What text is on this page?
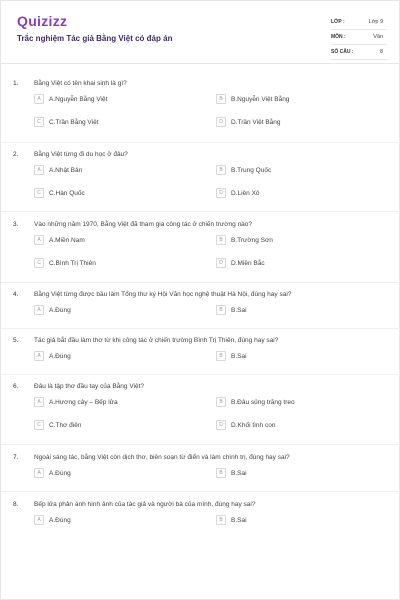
Quizizz
Trắc nghiệm Tác giả Bằng Việt có đáp án
LỚP :	Lớp 9
MÔN :	Văn
SỐ CÂU :	8
1. Bằng Việt có tên khai sinh là gì?
A	A.Nguyễn Bằng Việt	B	B.Nguyễn Việt Bằng
C	C.Trần Bằng Việt	D	D.Trần Việt Bằng
2. Bằng Việt từng đi du học ở đâu?
A	A.Nhật Bản	B	B.Trung Quốc
C	C.Hàn Quốc	D	D.Liên Xô
3. Vào những năm 1970, Bằng Việt đã tham gia công tác ở chiến trường nào?
A	A.Miền Nam	B	B.Trường Sơn
C	C.Bình Trị Thiên	D	D.Miền Bắc
4. Bằng Việt từng được bầu làm Tổng thư ký Hội Văn học nghệ thuật Hà Nội, đúng hay sai?
A	A.Đúng	B	B.Sai
5. Tác giả bắt đầu làm thơ từ khi công tác ở chiến trường Bình Trị Thiên, đúng hay sai?
A	A.Đúng	B	B.Sai
6. Đâu là tập thơ đầu tay của Bằng Việt?
A	A.Hương cây – Bếp lửa	B	B.Đâu sủng trăng treo
C	C.Thơ điên	D	D.Khối tình con
7. Ngoài sáng tác, bằng Việt còn dịch thơ, biên soạn từ điển và làm chính trị, đúng hay sai?
A	A.Đúng	B	B.Sai
8. Bếp lửa phản ánh hình ảnh của tác giả và người bà của mình, đúng hay sai?
A	A.Đúng	B	B.Sai
